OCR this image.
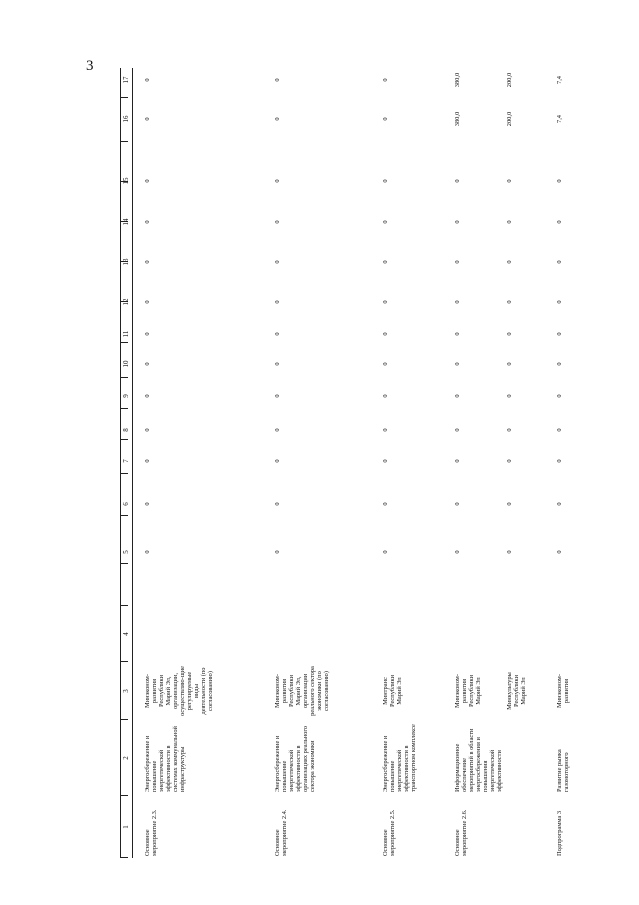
3
1
2
3
4
5
6
7
8
9
10
11
12
13
14
15
16
17
Основное мероприятие 2.3.
Энергосбережение и повышение энергетической эффективности в системах коммунальной инфраструктуры
Минэконом-развития Республики Марий Эл, организации, осуществляю-щие регулируемые виды деятельности (по согласованию)
0
0
0
0
0
0
0
0
0
0
0
0
0
Основное мероприятие 2.4.
Энергосбережение и повышение энергетической эффективности в организациях реального сектора экономики
Минэконом-развития Республики Марий Эл, организации реального сектора экономики (по согласованию)
0
0
0
0
0
0
0
0
0
0
0
0
0
Основное мероприятие 2.5.
Энергосбережение и повышение энергетической эффективности в транспортном комплексе
Минтранс Республики Марий Эл
0
0
0
0
0
0
0
0
0
0
0
0
0
Основное мероприятие 2.6.
Информационное обеспечение мероприятий в области энергосбережения и повышения энергетической эффективности
Минэконом-развития Республики Марий Эл
0
0
0
0
0
0
0
0
0
0
0
380,0
380,0
Минкультуры Республики Марий Эл
0
0
0
0
0
0
0
0
0
0
0
200,0
200,0
Подпрограмма 3
Развитие рынка газомоторного
Минэконом-развития
0
0
0
0
0
0
0
0
0
0
0
7,4
7,4
